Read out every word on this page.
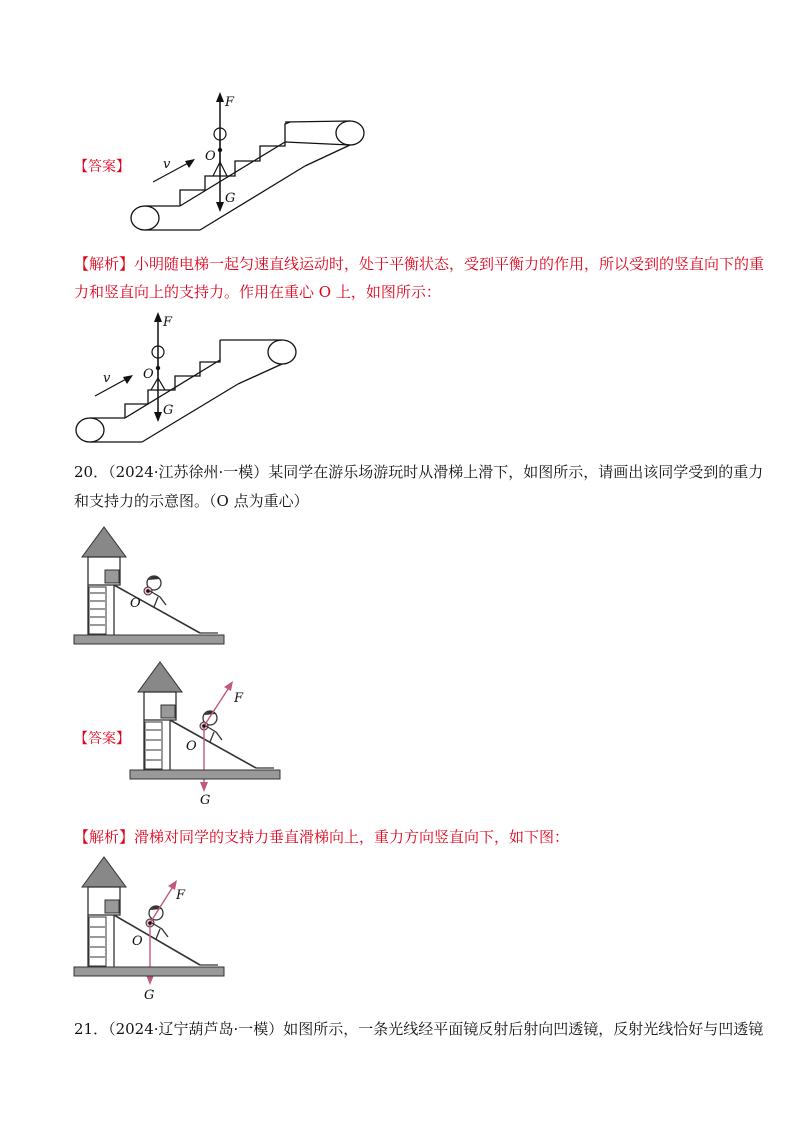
【答案】
F
O
G
v
【解析】小明随电梯一起匀速直线运动时，处于平衡状态，受到平衡力的作用，所以受到的竖直向下的重
力和竖直向上的支持力。作用在重心 O 上，如图所示：
F
O
G
v
20．（2024·江苏徐州·一模）某同学在游乐场游玩时从滑梯上滑下，如图所示，请画出该同学受到的重力
和支持力的示意图。（O 点为重心）
O
【答案】
F
O
G
【解析】滑梯对同学的支持力垂直滑梯向上，重力方向竖直向下，如下图：
F
O
G
21．（2024·辽宁葫芦岛·一模）如图所示，一条光线经平面镜反射后射向凹透镜，反射光线恰好与凹透镜
